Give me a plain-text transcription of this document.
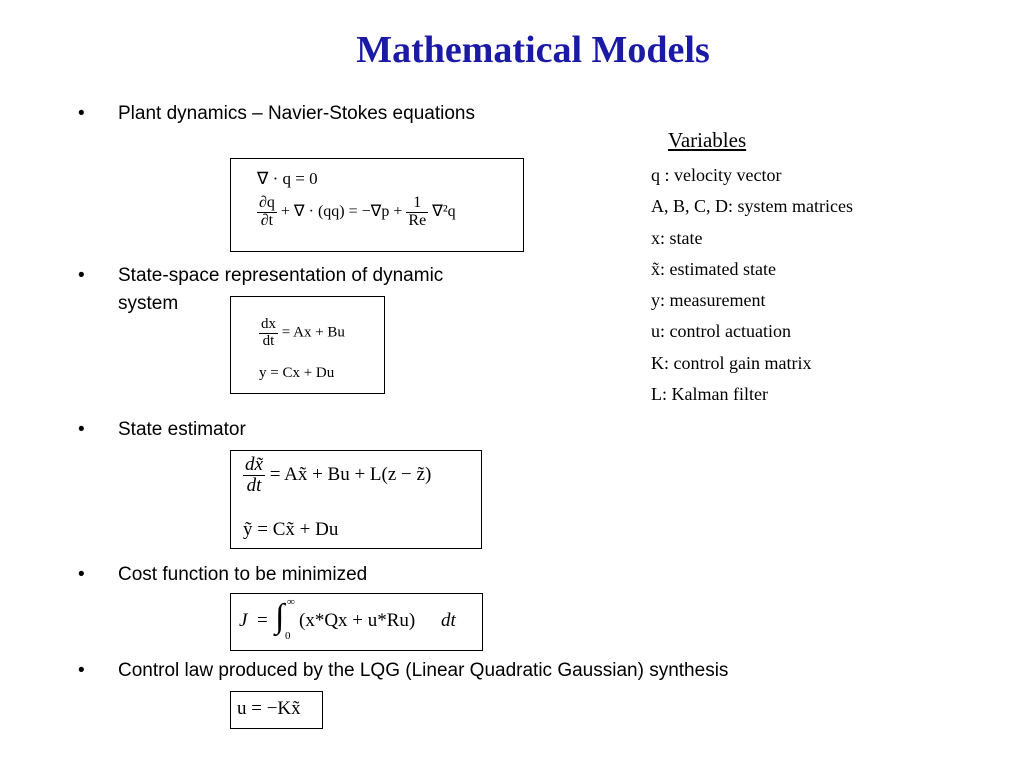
Mathematical Models
• Plant dynamics – Navier-Stokes equations
∇ · q = 0
$\frac{\partial q}{\partial t}$ + ∇ · $(qq) = -\nabla p + \frac{1}{Re} \nabla^2q$
• State-space representation of dynamic
system
$\frac{dx}{dt} = Ax + Bu$
y = Cx + Du
• State estimator
$\frac{dx̃}{dt}$ = Ax̃ + Bu + L(z − z̃)
ỹ = Cx̃ + Du
• Cost function to be minimized
J = ∫ ∞
0
(x*Qx + u*Ru) dt
• Control law produced by the LQG (Linear Quadratic Gaussian) synthesis
u = −Kx̃
Variables
q : velocity vector
A, B, C, D: system matrices
x: state
x̃: estimated state
y: measurement
u: control actuation
K: control gain matrix
L: Kalman filter
